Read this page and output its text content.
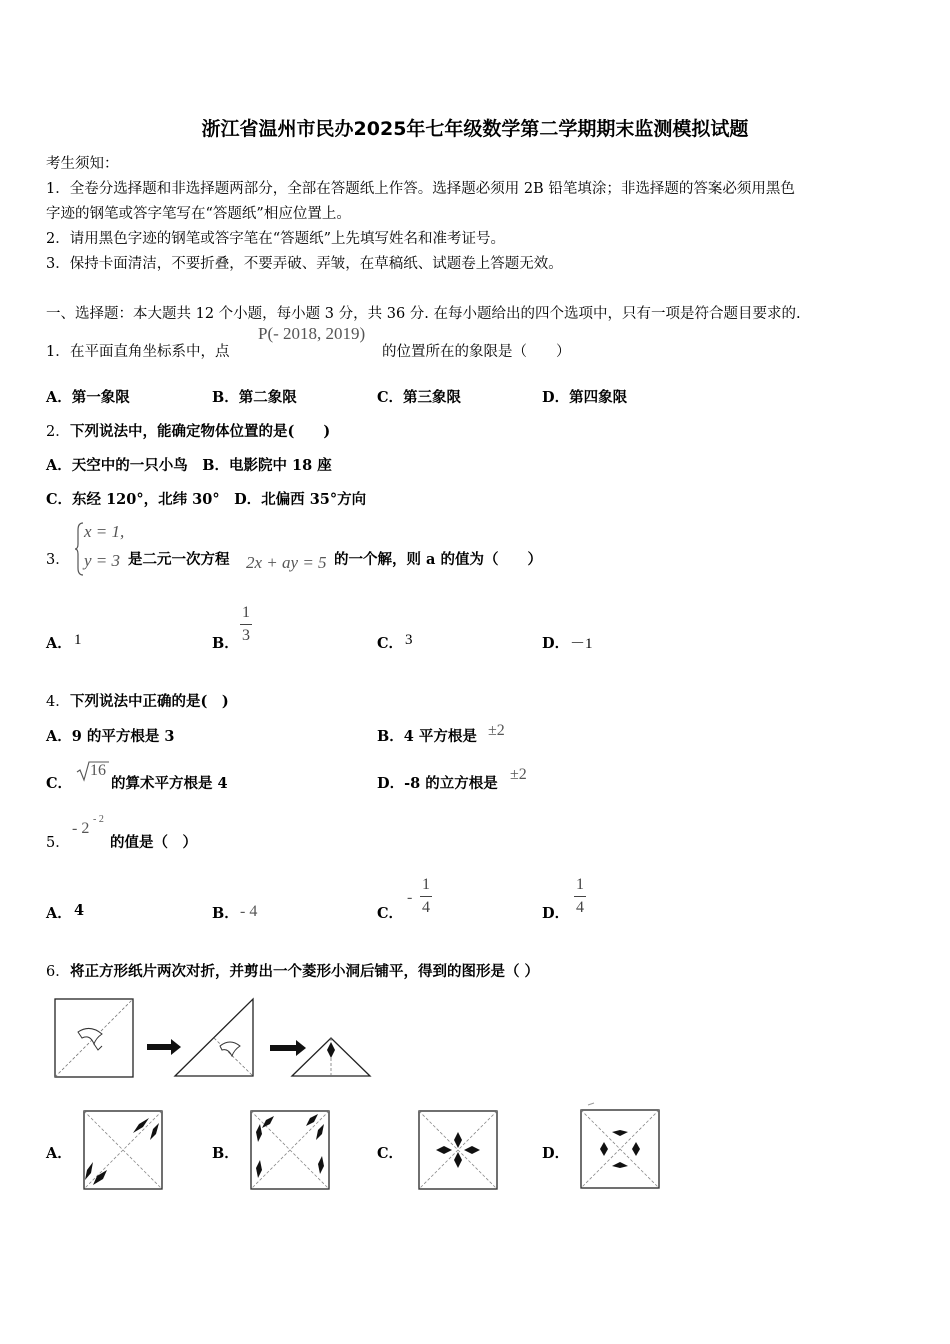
浙江省温州市民办2025年七年级数学第二学期期末监测模拟试题
考生须知：
1．全卷分选择题和非选择题两部分，全部在答题纸上作答。选择题必须用 2B 铅笔填涂；非选择题的答案必须用黑色
字迹的钢笔或答字笔写在“答题纸”相应位置上。
2．请用黑色字迹的钢笔或答字笔在“答题纸”上先填写姓名和准考证号。
3．保持卡面清洁，不要折叠，不要弄破、弄皱，在草稿纸、试题卷上答题无效。
一、选择题：本大题共 12 个小题，每小题 3 分，共 36 分. 在每小题给出的四个选项中，只有一项是符合题目要求的.
1． 在平面直角坐标系中，点
P(- 2018, 2019)
的位置所在的象限是（　　）
A．第一象限	B．第二象限	C．第三象限	D．第四象限
2． 下列说法中，能确定物体位置的是(　　)
A．天空中的一只小鸟　B．电影院中 18 座
C．东经 120°，北纬 30°　D．北偏西 35°方向
3．
x = 1,
y = 3 是二元一次方程 2x + ay = 5 的一个解，则 a 的值为（　　）
A． 1	B．
1
3	C． 3	D． －1
4． 下列说法中正确的是(　)
A．9 的平方根是 3	B．4 平方根是 ±2
C．
16
的算术平方根是 4	D．-8 的立方根是
±2
5．
- 2
- 2
的值是（　）
A． 4	B． - 4	C．
-
1
4	D．
1
4
6． 将正方形纸片两次对折，并剪出一个菱形小洞后铺平，得到的图形是（ ）
A．	B．	C．	D．
